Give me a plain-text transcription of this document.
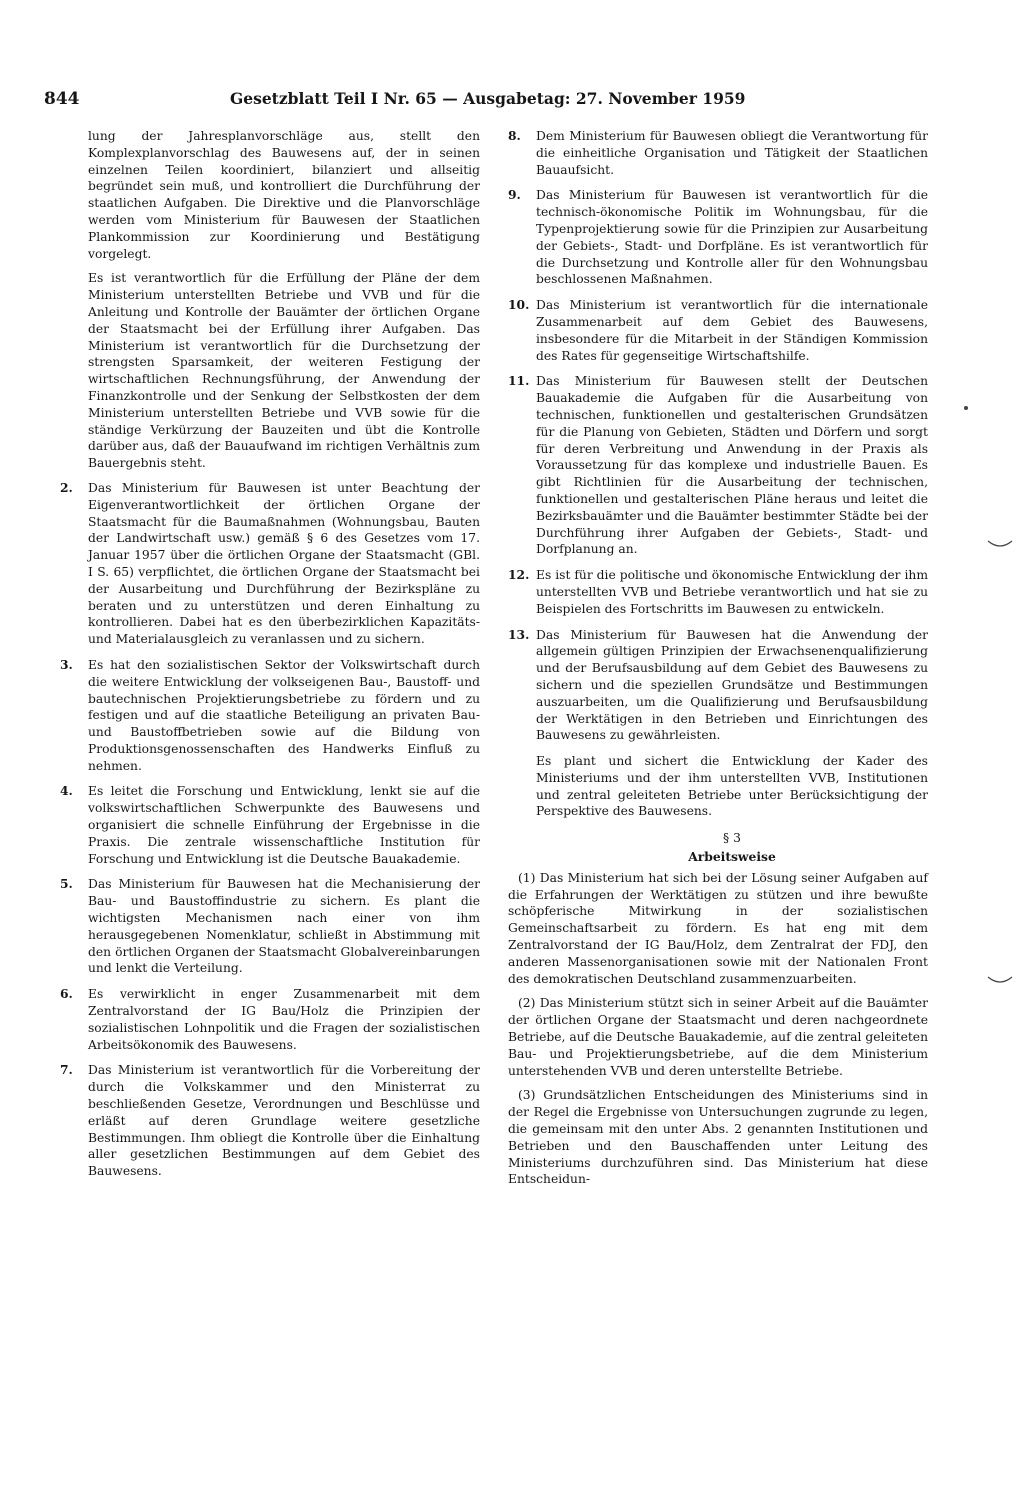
844	Gesetzblatt Teil I Nr. 65 — Ausgabetag: 27. November 1959

lung der Jahresplanvorschläge aus, stellt den Komplexplanvorschlag des Bauwesens auf, der in seinen einzelnen Teilen koordiniert, bilanziert und allseitig begründet sein muß, und kontrolliert die Durchführung der staatlichen Aufgaben. Die Direktive und die Planvorschläge werden vom Ministerium für Bauwesen der Staatlichen Plankommission zur Koordinierung und Bestätigung vorgelegt.

Es ist verantwortlich für die Erfüllung der Pläne der dem Ministerium unterstellten Betriebe und VVB und für die Anleitung und Kontrolle der Bauämter der örtlichen Organe der Staatsmacht bei der Erfüllung ihrer Aufgaben. Das Ministerium ist verantwortlich für die Durchsetzung der strengsten Sparsamkeit, der weiteren Festigung der wirtschaftlichen Rechnungsführung, der Anwendung der Finanzkontrolle und der Senkung der Selbstkosten der dem Ministerium unterstellten Betriebe und VVB sowie für die ständige Verkürzung der Bauzeiten und übt die Kontrolle darüber aus, daß der Bauaufwand im richtigen Verhältnis zum Bauergebnis steht.

2.	Das Ministerium für Bauwesen ist unter Beachtung der Eigenverantwortlichkeit der örtlichen Organe der Staatsmacht für die Baumaßnahmen (Wohnungsbau, Bauten der Landwirtschaft usw.) gemäß § 6 des Gesetzes vom 17. Januar 1957 über die örtlichen Organe der Staatsmacht (GBl. I S. 65) verpflichtet, die örtlichen Organe der Staatsmacht bei der Ausarbeitung und Durchführung der Bezirkspläne zu beraten und zu unterstützen und deren Einhaltung zu kontrollieren. Dabei hat es den überbezirklichen Kapazitäts- und Materialausgleich zu veranlassen und zu sichern.
3.	Es hat den sozialistischen Sektor der Volkswirtschaft durch die weitere Entwicklung der volkseigenen Bau-, Baustoff- und bautechnischen Projektierungsbetriebe zu fördern und zu festigen und auf die staatliche Beteiligung an privaten Bau- und Baustoffbetrieben sowie auf die Bildung von Produktionsgenossenschaften des Handwerks Einfluß zu nehmen.
4.	Es leitet die Forschung und Entwicklung, lenkt sie auf die volkswirtschaftlichen Schwerpunkte des Bauwesens und organisiert die schnelle Einführung der Ergebnisse in die Praxis. Die zentrale wissenschaftliche Institution für Forschung und Entwicklung ist die Deutsche Bauakademie.
5.	Das Ministerium für Bauwesen hat die Mechanisierung der Bau- und Baustoffindustrie zu sichern. Es plant die wichtigsten Mechanismen nach einer von ihm herausgegebenen Nomenklatur, schließt in Abstimmung mit den örtlichen Organen der Staatsmacht Globalvereinbarungen und lenkt die Verteilung.
6.	Es verwirklicht in enger Zusammenarbeit mit dem Zentralvorstand der IG Bau/Holz die Prinzipien der sozialistischen Lohnpolitik und die Fragen der sozialistischen Arbeitsökonomik des Bauwesens.
7.	Das Ministerium ist verantwortlich für die Vorbereitung der durch die Volkskammer und den Ministerrat zu beschließenden Gesetze, Verordnungen und Beschlüsse und erläßt auf deren Grundlage weitere gesetzliche Bestimmungen. Ihm obliegt die Kontrolle über die Einhaltung aller gesetzlichen Bestimmungen auf dem Gebiet des Bauwesens.
8.	Dem Ministerium für Bauwesen obliegt die Verantwortung für die einheitliche Organisation und Tätigkeit der Staatlichen Bauaufsicht.
9.	Das Ministerium für Bauwesen ist verantwortlich für die technisch-ökonomische Politik im Wohnungsbau, für die Typenprojektierung sowie für die Prinzipien zur Ausarbeitung der Gebiets-, Stadt- und Dorfpläne. Es ist verantwortlich für die Durchsetzung und Kontrolle aller für den Wohnungsbau beschlossenen Maßnahmen.
10. Das Ministerium ist verantwortlich für die internationale Zusammenarbeit auf dem Gebiet des Bauwesens, insbesondere für die Mitarbeit in der Ständigen Kommission des Rates für gegenseitige Wirtschaftshilfe.
11. Das Ministerium für Bauwesen stellt der Deutschen Bauakademie die Aufgaben für die Ausarbeitung von technischen, funktionellen und gestalterischen Grundsätzen für die Planung von Gebieten, Städten und Dörfern und sorgt für deren Verbreitung und Anwendung in der Praxis als Voraussetzung für das komplexe und industrielle Bauen. Es gibt Richtlinien für die Ausarbeitung der technischen, funktionellen und gestalterischen Pläne heraus und leitet die Bezirksbauämter und die Bauämter bestimmter Städte bei der Durchführung ihrer Aufgaben der Gebiets-, Stadt- und Dorfplanung an.
12. Es ist für die politische und ökonomische Entwicklung der ihm unterstellten VVB und Betriebe verantwortlich und hat sie zu Beispielen des Fortschritts im Bauwesen zu entwickeln.
13. Das Ministerium für Bauwesen hat die Anwendung der allgemein gültigen Prinzipien der Erwachsenenqualifizierung und der Berufsausbildung auf dem Gebiet des Bauwesens zu sichern und die speziellen Grundsätze und Bestimmungen auszuarbeiten, um die Qualifizierung und Berufsausbildung der Werktätigen in den Betrieben und Einrichtungen des Bauwesens zu gewährleisten.

Es plant und sichert die Entwicklung der Kader des Ministeriums und der ihm unterstellten VVB, Institutionen und zentral geleiteten Betriebe unter Berücksichtigung der Perspektive des Bauwesens.

§ 3
Arbeitsweise

(1) Das Ministerium hat sich bei der Lösung seiner Aufgaben auf die Erfahrungen der Werktätigen zu stützen und ihre bewußte schöpferische Mitwirkung in der sozialistischen Gemeinschaftsarbeit zu fördern. Es hat eng mit dem Zentralvorstand der IG Bau/Holz, dem Zentralrat der FDJ, den anderen Massenorganisationen sowie mit der Nationalen Front des demokratischen Deutschland zusammenzuarbeiten.

(2) Das Ministerium stützt sich in seiner Arbeit auf die Bauämter der örtlichen Organe der Staatsmacht und deren nachgeordnete Betriebe, auf die Deutsche Bauakademie, auf die zentral geleiteten Bau- und Projektierungsbetriebe, auf die dem Ministerium unterstehenden VVB und deren unterstellte Betriebe.

(3) Grundsätzlichen Entscheidungen des Ministeriums sind in der Regel die Ergebnisse von Untersuchungen zugrunde zu legen, die gemeinsam mit den unter Abs. 2 genannten Institutionen und Betrieben und den Bauschaffenden unter Leitung des Ministeriums durchzuführen sind. Das Ministerium hat diese Entscheidun-
